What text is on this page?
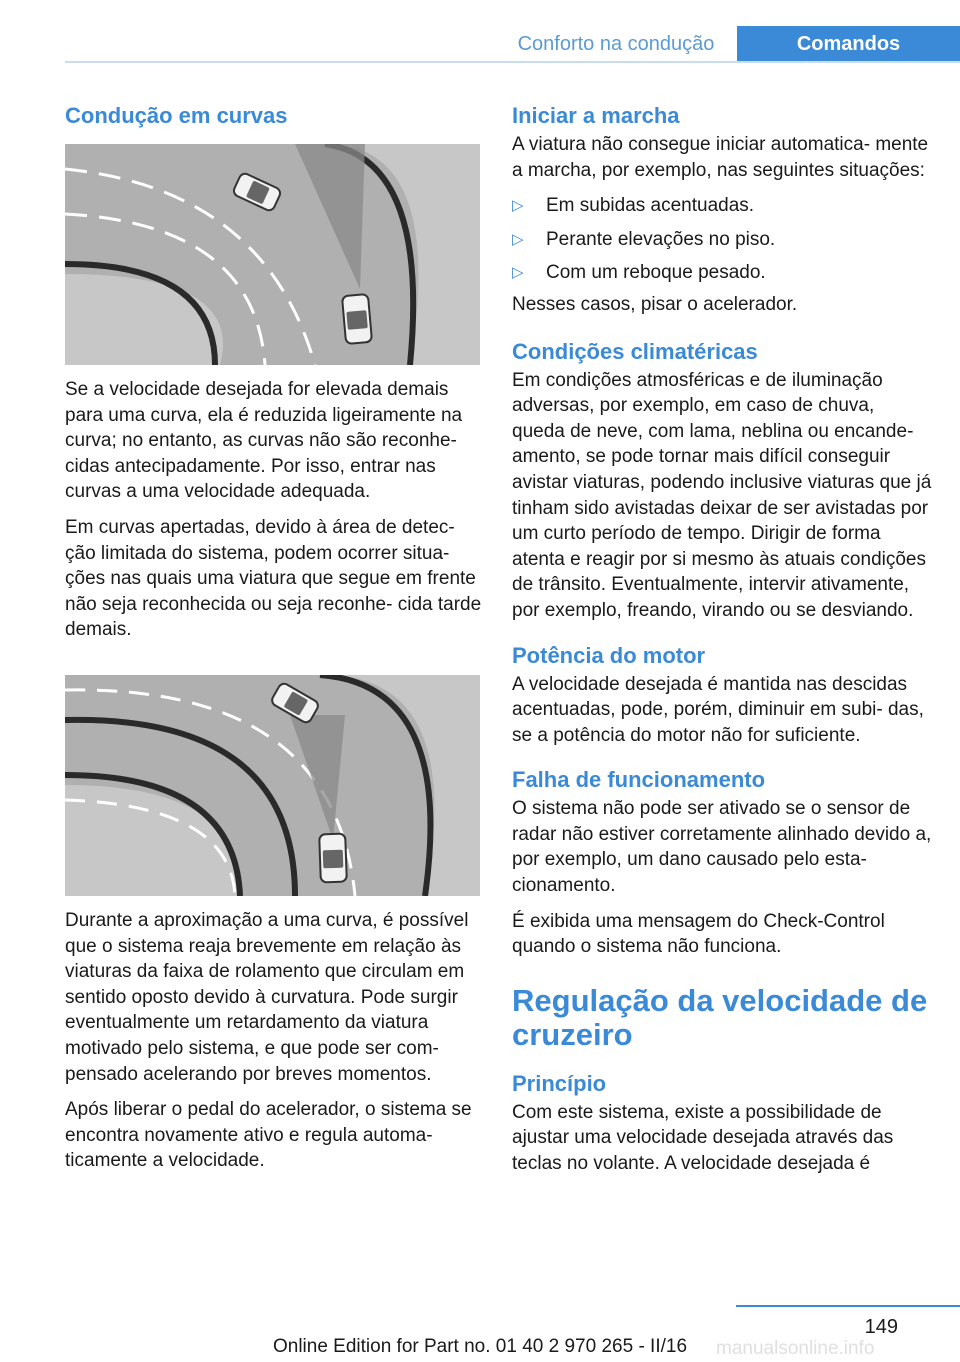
Conforto na condução	Comandos
Condução em curvas

Se a velocidade desejada for elevada demais para uma curva, ela é reduzida ligeiramente na curva; no entanto, as curvas não são reconhe‐ cidas antecipadamente. Por isso, entrar nas curvas a uma velocidade adequada.

Em curvas apertadas, devido à área de detec‐ ção limitada do sistema, podem ocorrer situa‐ ções nas quais uma viatura que segue em frente não seja reconhecida ou seja reconhe‐ cida tarde demais.

Durante a aproximação a uma curva, é possível que o sistema reaja brevemente em relação às viaturas da faixa de rolamento que circulam em sentido oposto devido à curvatura. Pode surgir eventualmente um retardamento da viatura motivado pelo sistema, e que pode ser com‐ pensado acelerando por breves momentos.

Após liberar o pedal do acelerador, o sistema se encontra novamente ativo e regula automa‐ ticamente a velocidade.

Iniciar a marcha

A viatura não consegue iniciar automatica‐ mente a marcha, por exemplo, nas seguintes situações:

▷ Em subidas acentuadas.
▷ Perante elevações no piso.
▷ Com um reboque pesado.

Nesses casos, pisar o acelerador.

Condições climatéricas

Em condições atmosféricas e de iluminação adversas, por exemplo, em caso de chuva, queda de neve, com lama, neblina ou encande‐ amento, se pode tornar mais difícil conseguir avistar viaturas, podendo inclusive viaturas que já tinham sido avistadas deixar de ser avistadas por um curto período de tempo. Dirigir de forma atenta e reagir por si mesmo às atuais condições de trânsito. Eventualmente, intervir ativamente, por exemplo, freando, virando ou se desviando.

Potência do motor

A velocidade desejada é mantida nas descidas acentuadas, pode, porém, diminuir em subi‐ das, se a potência do motor não for suficiente.

Falha de funcionamento

O sistema não pode ser ativado se o sensor de radar não estiver corretamente alinhado devido a, por exemplo, um dano causado pelo esta‐ cionamento.

É exibida uma mensagem do Check-Control quando o sistema não funciona.

Regulação da velocidade de cruzeiro
Princípio

Com este sistema, existe a possibilidade de ajustar uma velocidade desejada através das teclas no volante. A velocidade desejada é

149
Online Edition for Part no. 01 40 2 970 265 - II/16	manualsonline.info
